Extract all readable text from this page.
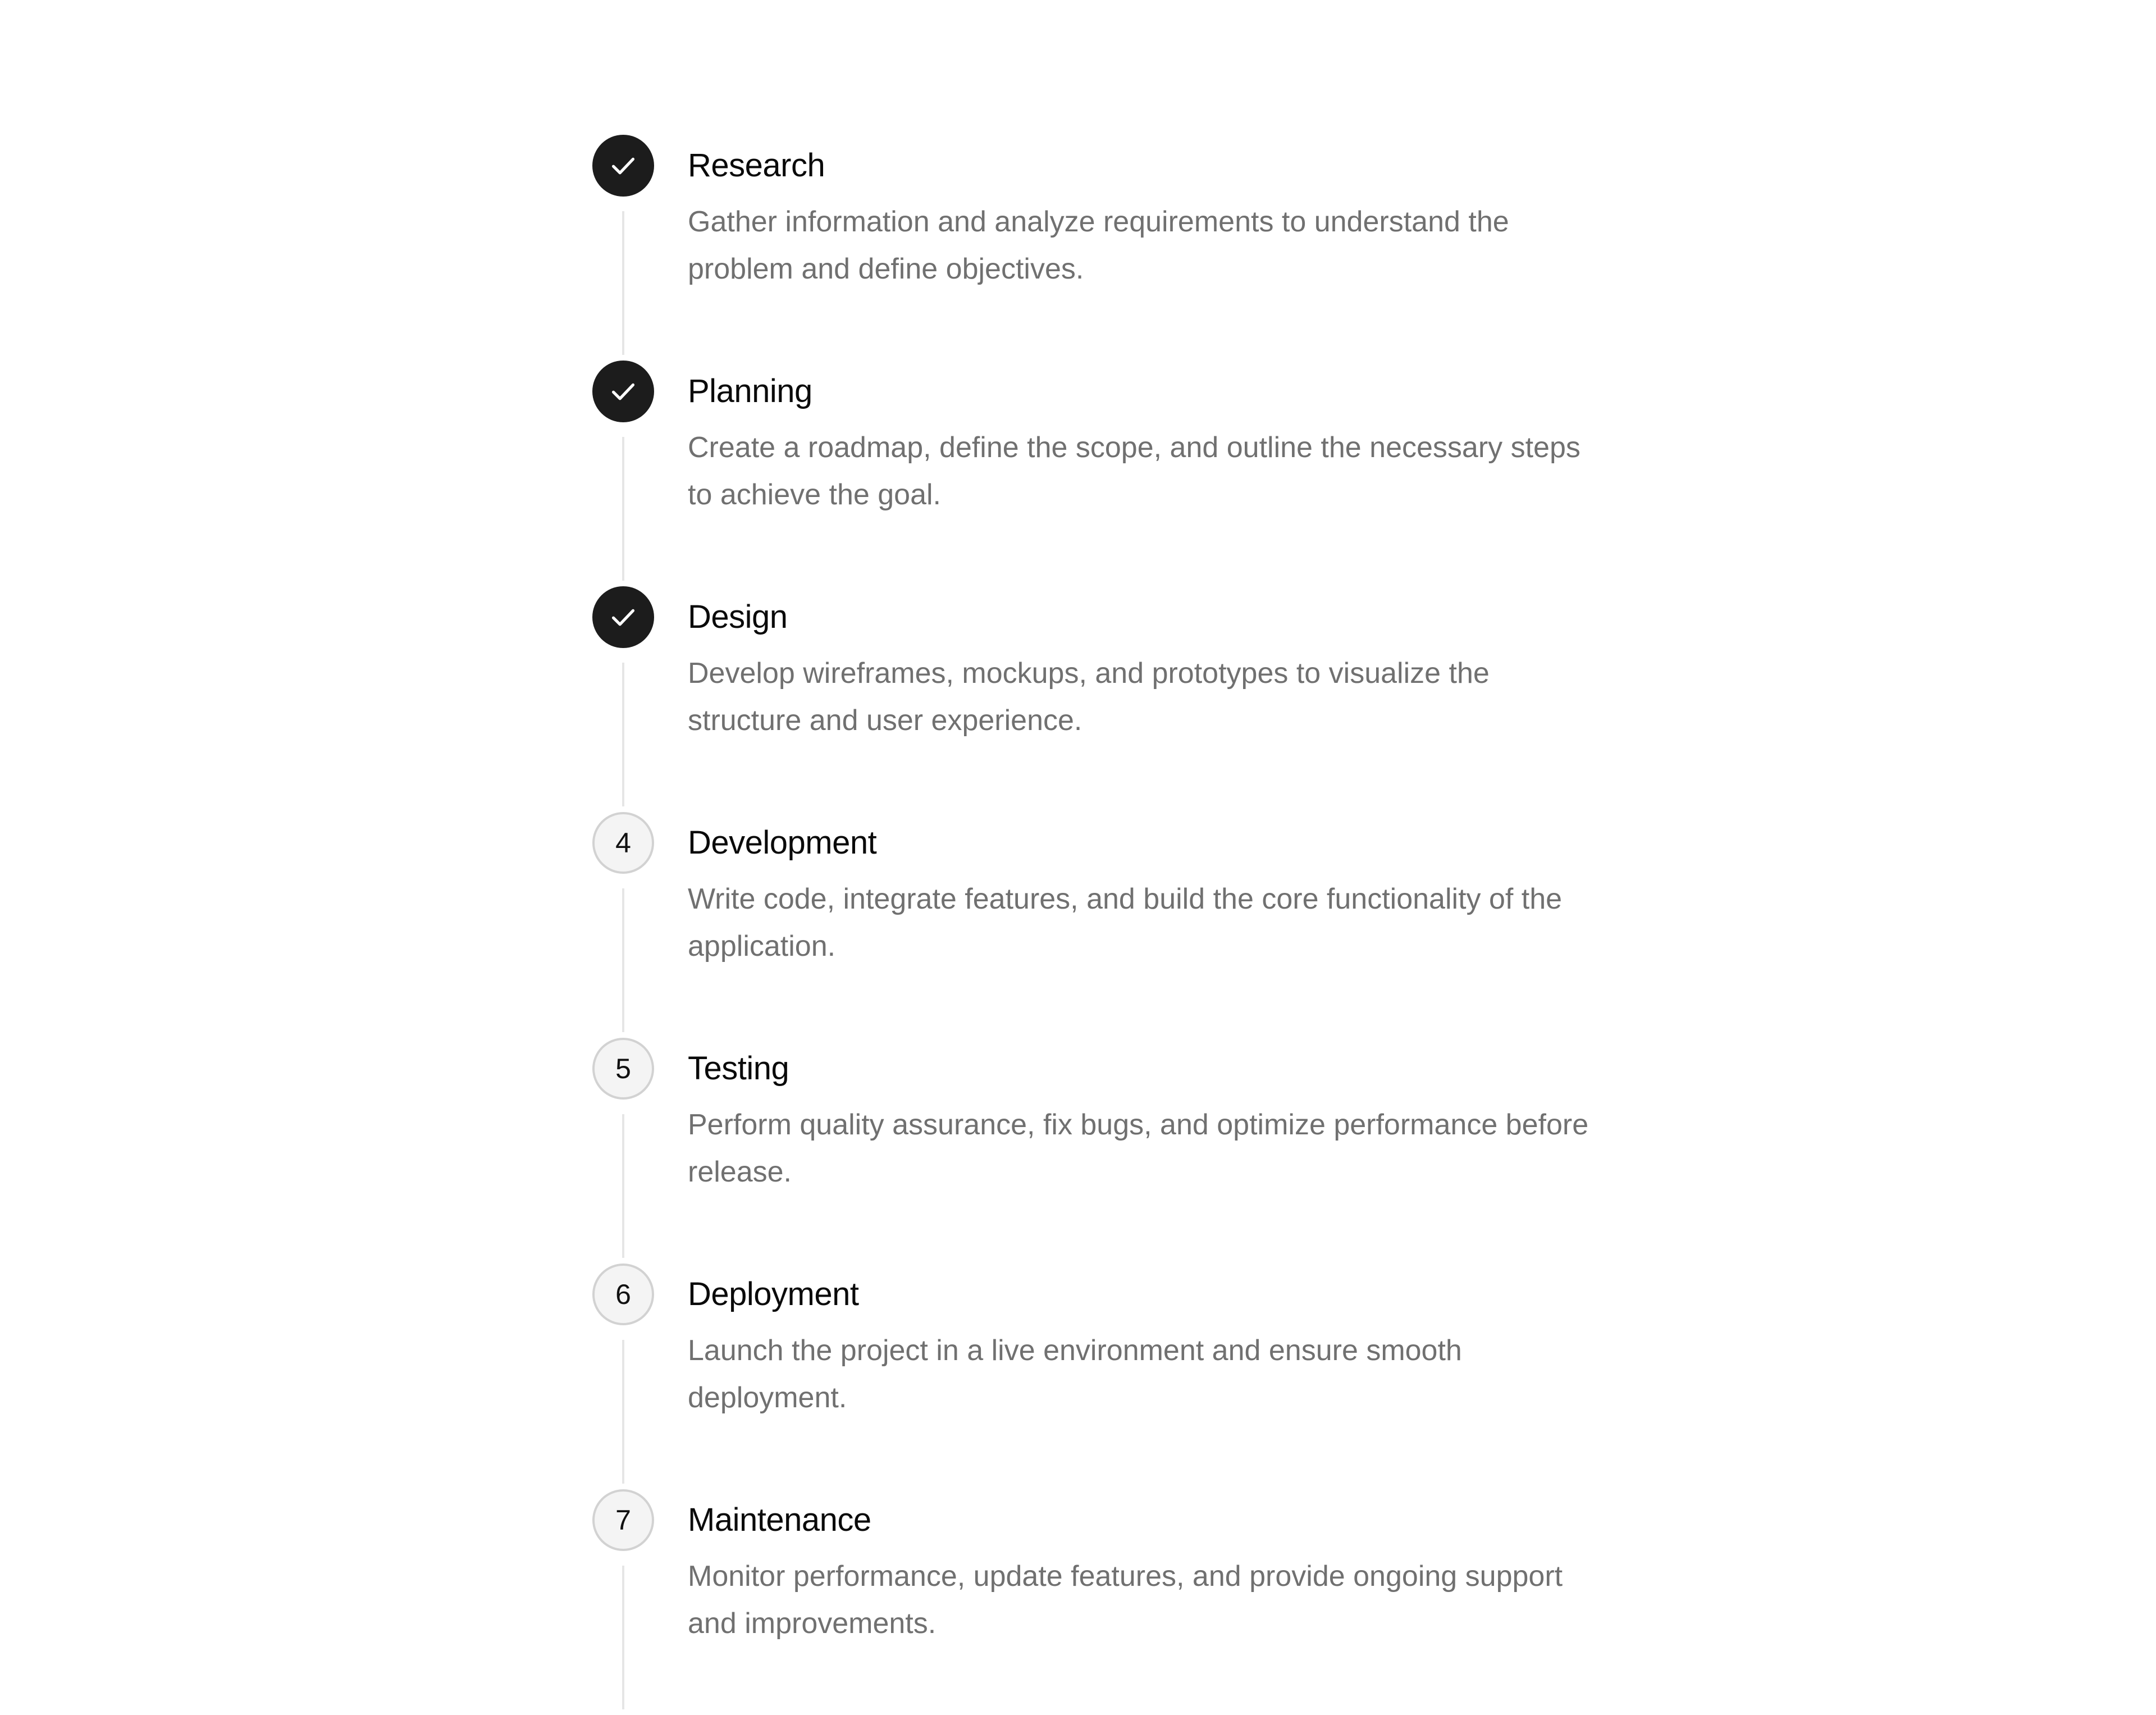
Research
Gather information and analyze requirements to understand the problem and define objectives.
Planning
Create a roadmap, define the scope, and outline the necessary steps to achieve the goal.
Design
Develop wireframes, mockups, and prototypes to visualize the structure and user experience.
4 Development
Write code, integrate features, and build the core functionality of the application.
5 Testing
Perform quality assurance, fix bugs, and optimize performance before release.
6 Deployment
Launch the project in a live environment and ensure smooth deployment.
7 Maintenance
Monitor performance, update features, and provide ongoing support and improvements.
